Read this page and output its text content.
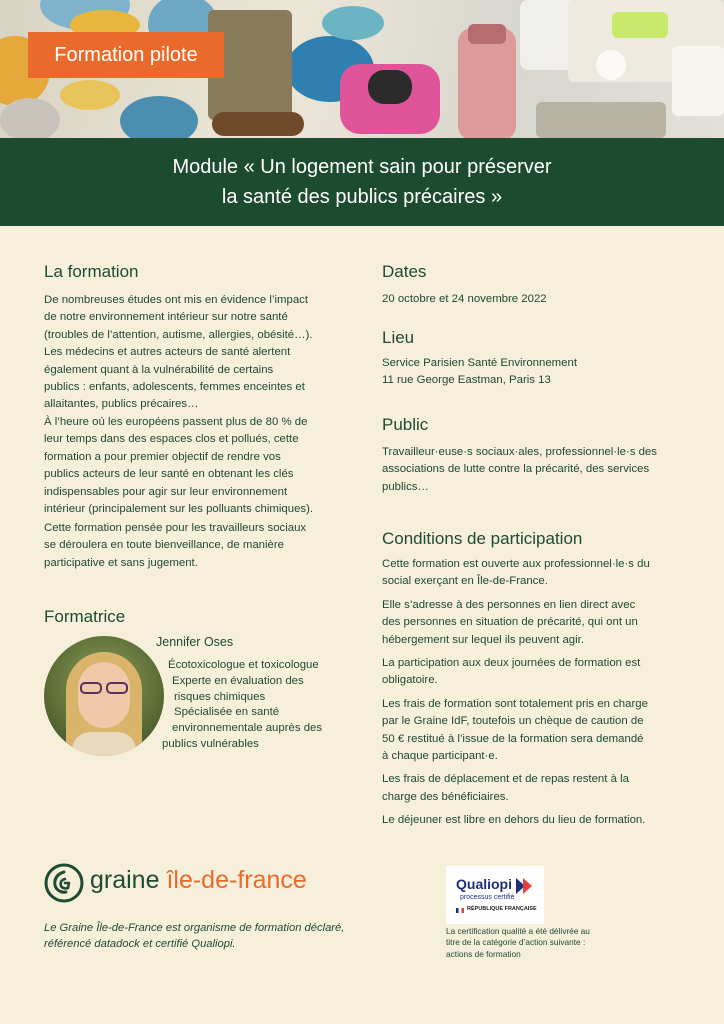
Formation pilote
Module « Un logement sain pour préserver
la santé des publics précaires »
La formation
De nombreuses études ont mis en évidence l’impact
de notre environnement intérieur sur notre santé
(troubles de l’attention, autisme, allergies, obésité…).
Les médecins et autres acteurs de santé alertent
également quant à la vulnérabilité de certains
publics : enfants, adolescents, femmes enceintes et
allaitantes, publics précaires…
À l’heure où les européens passent plus de 80 % de
leur temps dans des espaces clos et pollués, cette
formation a pour premier objectif de rendre vos
publics acteurs de leur santé en obtenant les clés
indispensables pour agir sur leur environnement
intérieur (principalement sur les polluants chimiques).
Cette formation pensée pour les travailleurs sociaux
se déroulera en toute bienveillance, de manière
participative et sans jugement.
Formatrice
Jennifer Oses
Écotoxicologue et toxicologue
Experte en évaluation des
risques chimiques
Spécialisée en santé
environnementale auprès des
publics vulnérables
Dates
20 octobre et 24 novembre 2022
Lieu
Service Parisien Santé Environnement
11 rue George Eastman, Paris 13
Public
Travailleur·euse·s sociaux·ales, professionnel·le·s des
associations de lutte contre la précarité, des services
publics…
Conditions de participation
Cette formation est ouverte aux professionnel·le·s du
social exerçant en Île-de-France.
Elle s’adresse à des personnes en lien direct avec
des personnes en situation de précarité, qui ont un
hébergement sur lequel ils peuvent agir.
La participation aux deux journées de formation est
obligatoire.
Les frais de formation sont totalement pris en charge
par le Graine IdF, toutefois un chèque de caution de
50 € restitué à l’issue de la formation sera demandé
à chaque participant·e.
Les frais de déplacement et de repas restent à la
charge des bénéficiaires.
Le déjeuner est libre en dehors du lieu de formation.
graine île-de-france
Le Graine Île-de-France est organisme de formation déclaré,
référencé datadock et certifié Qualiopi.
Qualiopi
processus certifié
RÉPUBLIQUE FRANÇAISE
La certification qualité a été délivrée au
titre de la catégorie d’action suivante :
actions de formation
